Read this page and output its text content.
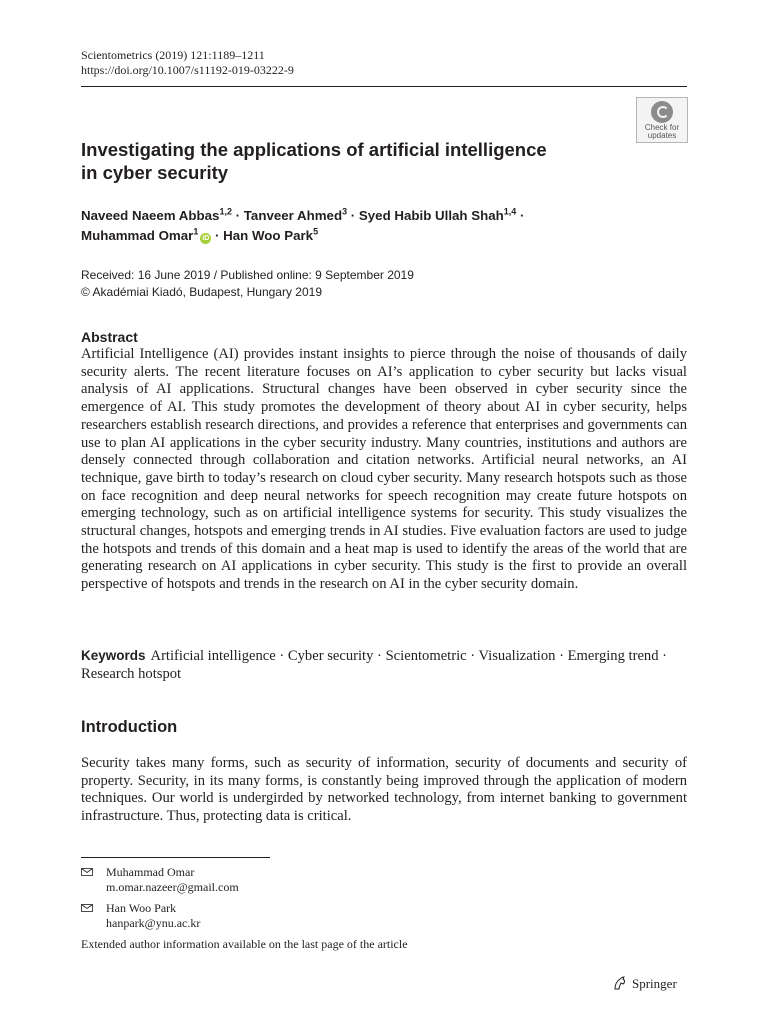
Scientometrics (2019) 121:1189–1211
https://doi.org/10.1007/s11192-019-03222-9
Check for
updates
Investigating the applications of artificial intelligence
in cyber security
Naveed Naeem Abbas$^{1,2}$ · Tanveer Ahmed$^3$ · Syed Habib Ullah Shah$^{1,4}$ ·
Muhammad Omar$^1$iD · Han Woo Park$^5$
Received: 16 June 2019 / Published online: 9 September 2019
© Akadémiai Kiadó, Budapest, Hungary 2019
Abstract
Artificial Intelligence (AI) provides instant insights to pierce through the noise of thousands of daily security alerts. The recent literature focuses on AI’s application to cyber security but lacks visual analysis of AI applications. Structural changes have been observed in cyber security since the emergence of AI. This study promotes the development of theory about AI in cyber security, helps researchers establish research directions, and provides a reference that enterprises and governments can use to plan AI applications in the cyber security industry. Many countries, institutions and authors are densely connected through collaboration and citation networks. Artificial neural networks, an AI technique, gave birth to today’s research on cloud cyber security. Many research hotspots such as those on face recognition and deep neural networks for speech recognition may create future hotspots on emerging technology, such as on artificial intelligence systems for security. This study visualizes the structural changes, hotspots and emerging trends in AI studies. Five evaluation factors are used to judge the hotspots and trends of this domain and a heat map is used to identify the areas of the world that are generating research on AI applications in cyber security. This study is the first to provide an overall perspective of hotspots and trends in the research on AI in the cyber security domain.
Keywords Artificial intelligence · Cyber security · Scientometric · Visualization · Emerging trend · Research hotspot
Introduction
Security takes many forms, such as security of information, security of documents and security of property. Security, in its many forms, is constantly being improved through the application of modern techniques. Our world is undergirded by networked technology, from internet banking to government infrastructure. Thus, protecting data is critical.
Muhammad Omar
m.omar.nazeer@gmail.com
Han Woo Park
hanpark@ynu.ac.kr
Extended author information available on the last page of the article
Springer
